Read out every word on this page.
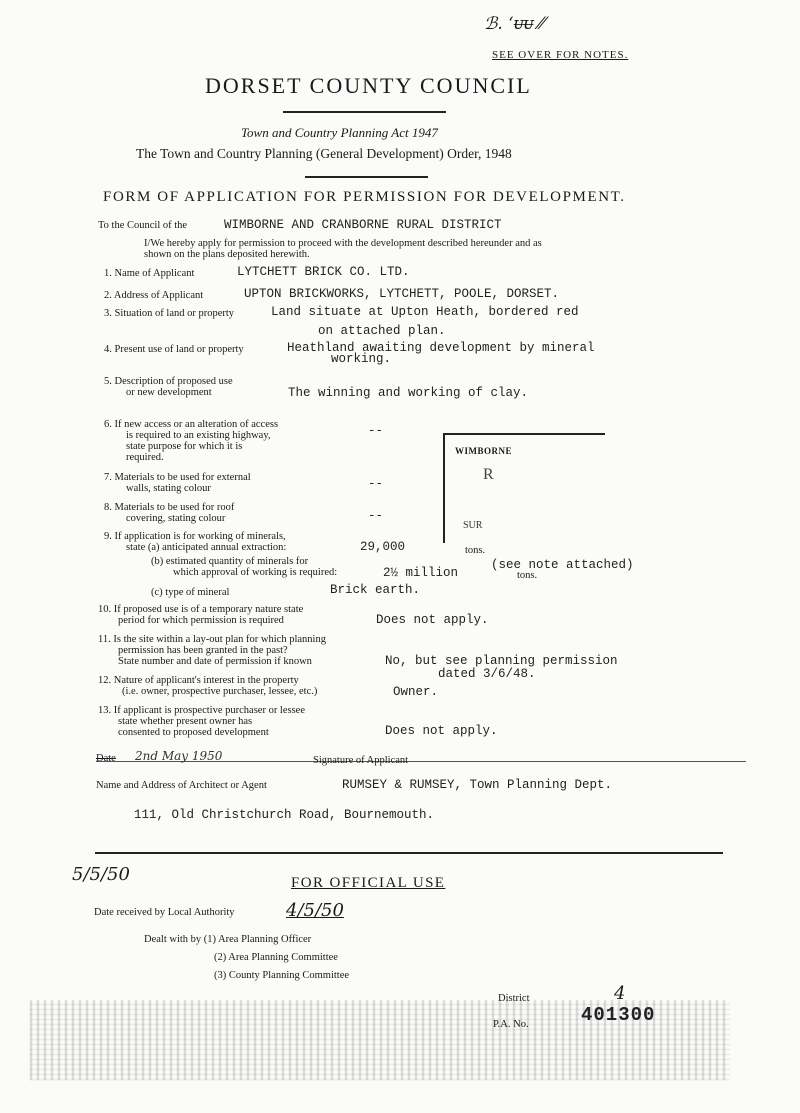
ℬ. ‘ᵾᵾ ⁄⁄
SEE OVER FOR NOTES.
DORSET COUNTY COUNCIL
Town and Country Planning Act 1947
The Town and Country Planning (General Development) Order, 1948
FORM OF APPLICATION FOR PERMISSION FOR DEVELOPMENT.
To the Council of the	WIMBORNE AND CRANBORNE RURAL DISTRICT
I/We hereby apply for permission to proceed with the development described hereunder and as
shown on the plans deposited herewith.
1. Name of Applicant	LYTCHETT BRICK CO. LTD.
2. Address of Applicant	UPTON BRICKWORKS, LYTCHETT, POOLE, DORSET.
3. Situation of land or property	Land situate at Upton Heath, bordered red
on attached plan.
4. Present use of land or property	Heathland awaiting development by mineral
working.
5. Description of proposed use
or new development	The winning and working of clay.
6. If new access or an alteration of access
is required to an existing highway,
state purpose for which it is
required.
--
7. Materials to be used for external
walls, stating colour	--
8. Materials to be used for roof
covering, stating colour	--
WIMBORNE
R
SUR
9. If application is for working of minerals,
state (a) anticipated annual extraction:	29,000	tons.
(b) estimated quantity of minerals for
which approval of working is required:	2½ million	tons.
(see note attached)
(c) type of mineral	Brick earth.
10. If proposed use is of a temporary nature state
period for which permission is required	Does not apply.
11. Is the site within a lay-out plan for which planning
permission has been granted in the past?
State number and date of permission if known	No, but see planning permission
dated 3/6/48.
12. Nature of applicant's interest in the property
(i.e. owner, prospective purchaser, lessee, etc.)	Owner.
13. If applicant is prospective purchaser or lessee
state whether present owner has
consented to proposed development	Does not apply.
Date 2nd May 1950	Signature of Applicant
Name and Address of Architect or Agent	RUMSEY & RUMSEY, Town Planning Dept.
111, Old Christchurch Road, Bournemouth.
5/5/50	FOR OFFICIAL USE
Date received by Local Authority	4/5/50
Dealt with by (1) Area Planning Officer
(2) Area Planning Committee
(3) County Planning Committee
District	4
P.A. No.	401300
